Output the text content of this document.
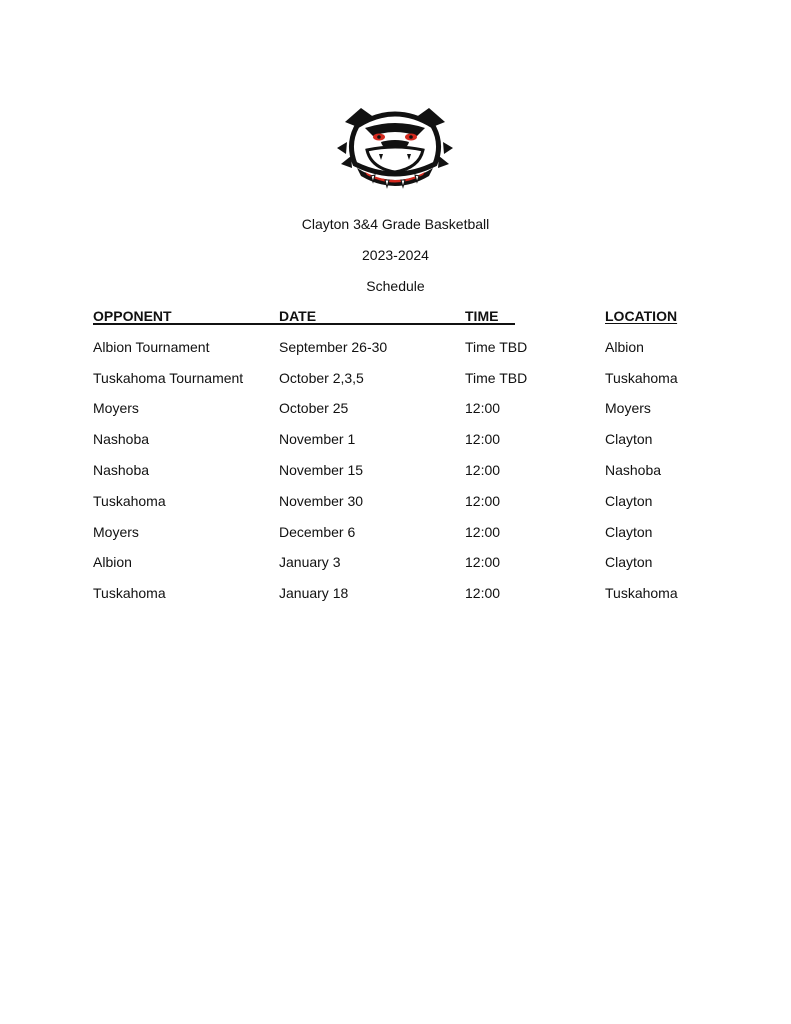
Clayton 3&4 Grade Basketball
2023-2024
Schedule
OPPONENT	DATE	TIME	LOCATION
Albion Tournament	September 26-30	Time TBD	Albion
Tuskahoma Tournament	October 2,3,5	Time TBD	Tuskahoma
Moyers	October 25	12:00	Moyers
Nashoba	November 1	12:00	Clayton
Nashoba	November 15	12:00	Nashoba
Tuskahoma	November 30	12:00	Clayton
Moyers	December 6	12:00	Clayton
Albion	January 3	12:00	Clayton
Tuskahoma	January 18	12:00	Tuskahoma
